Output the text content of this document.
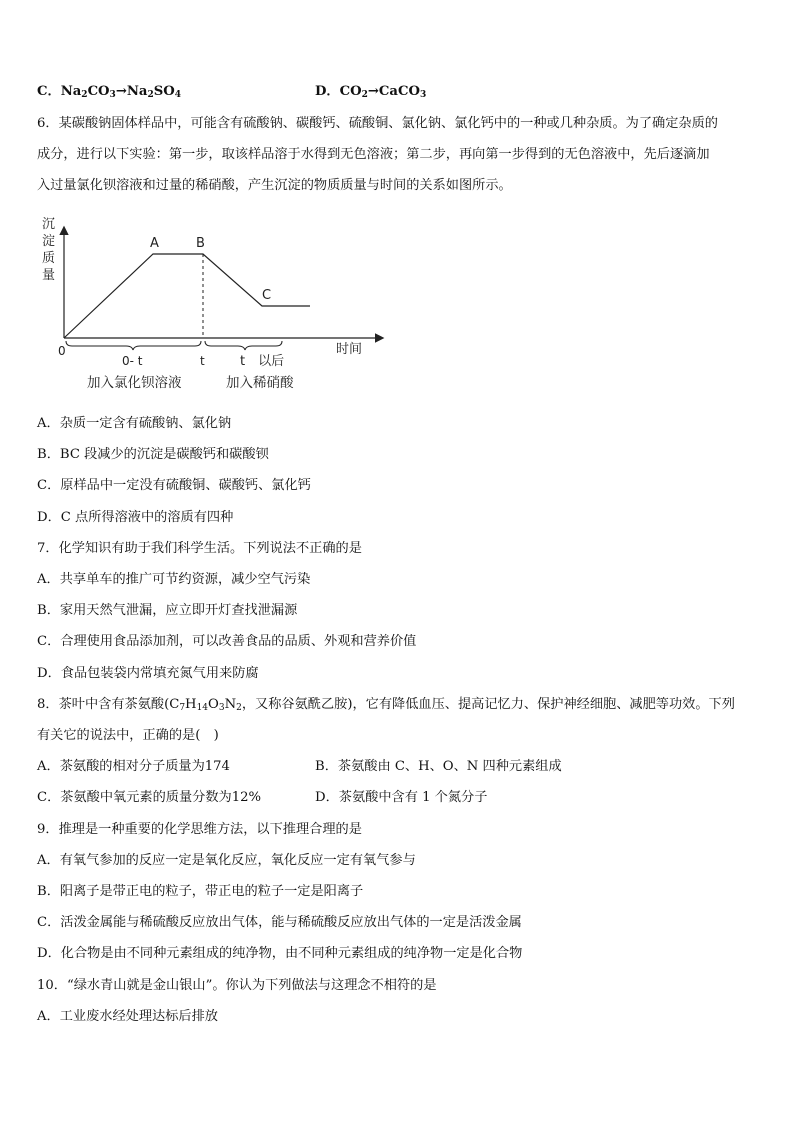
C．$Na_2CO_3\to Na_2SO_4$	D．$CO_2\to CaCO_3$
6．某碳酸钠固体样品中，可能含有硫酸钠、碳酸钙、硫酸铜、氯化钠、氯化钙中的一种或几种杂质。为了确定杂质的
成分，进行以下实验：第一步，取该样品溶于水得到无色溶液；第二步，再向第一步得到的无色溶液中，先后逐滴加
入过量氯化钡溶液和过量的稀硝酸，产生沉淀的物质质量与时间的关系如图所示。
沉
淀
质
量
A	B
C
0	时间
0- t	t	t　以后
加入氯化钡溶液	加入稀硝酸
A．杂质一定含有硫酸钠、氯化钠
B．BC 段减少的沉淀是碳酸钙和碳酸钡
C．原样品中一定没有硫酸铜、碳酸钙、氯化钙
D．C 点所得溶液中的溶质有四种
7．化学知识有助于我们科学生活。下列说法不正确的是
A．共享单车的推广可节约资源，减少空气污染
B．家用天然气泄漏，应立即开灯查找泄漏源
C．合理使用食品添加剂，可以改善食品的品质、外观和营养价值
D．食品包装袋内常填充氮气用来防腐
8．茶叶中含有茶氨酸($C_7H_{14}O_3N_2$，又称谷氨酰乙胺)，它有降低血压、提高记忆力、保护神经细胞、减肥等功效。下列
有关它的说法中，正确的是(　)
A．茶氨酸的相对分子质量为174	B．茶氨酸由 C、H、O、N 四种元素组成
C．茶氨酸中氧元素的质量分数为12%	D．茶氨酸中含有 1 个氮分子
9．推理是一种重要的化学思维方法，以下推理合理的是
A．有氧气参加的反应一定是氧化反应，氧化反应一定有氧气参与
B．阳离子是带正电的粒子，带正电的粒子一定是阳离子
C．活泼金属能与稀硫酸反应放出气体，能与稀硫酸反应放出气体的一定是活泼金属
D．化合物是由不同种元素组成的纯净物，由不同种元素组成的纯净物一定是化合物
10．“绿水青山就是金山银山”。你认为下列做法与这理念不相符的是
A．工业废水经处理达标后排放
